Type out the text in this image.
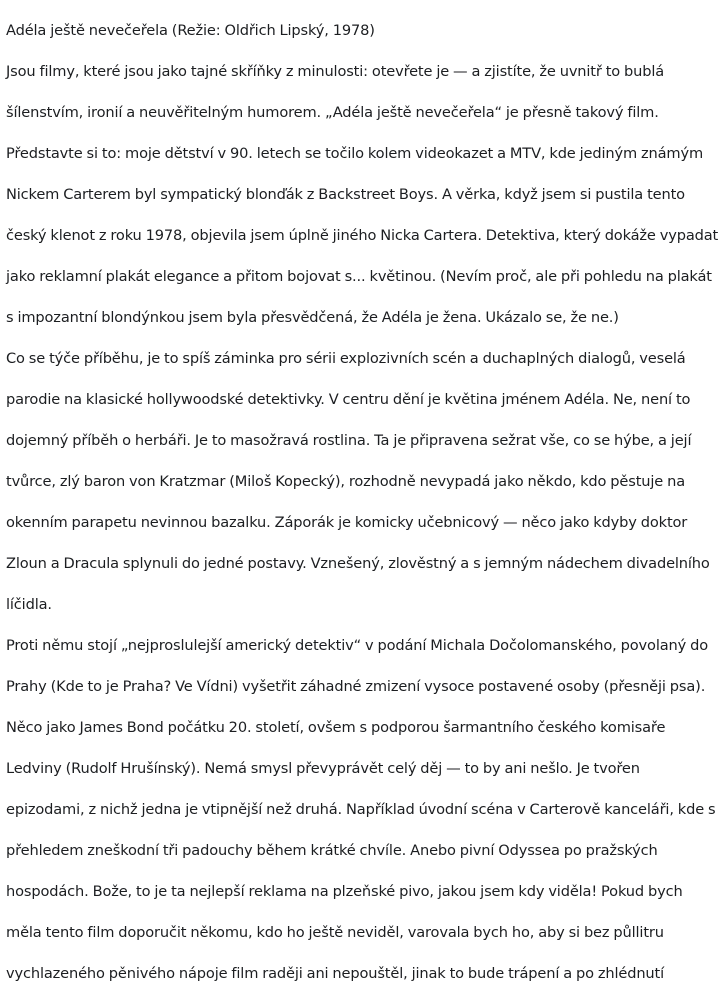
Adéla ještě nevečeřela (Režie: Oldřich Lipský, 1978)

Jsou filmy, které jsou jako tajné skříňky z minulosti: otevřete je — a zjistíte, že uvnitř to bublá

šílenstvím, ironií a neuvěřitelným humorem. „Adéla ještě nevečeřela“ je přesně takový film.

Představte si to: moje dětství v 90. letech se točilo kolem videokazet a MTV, kde jediným známým

Nickem Carterem byl sympatický blonďák z Backstreet Boys. A věrka, když jsem si pustila tento

český klenot z roku 1978, objevila jsem úplně jiného Nicka Cartera. Detektiva, který dokáže vypadat

jako reklamní plakát elegance a přitom bojovat s... květinou. (Nevím proč, ale při pohledu na plakát

s impozantní blondýnkou jsem byla přesvědčená, že Adéla je žena. Ukázalo se, že ne.)

Co se týče příběhu, je to spíš záminka pro sérii explozivních scén a duchaplných dialogů, veselá

parodie na klasické hollywoodské detektivky. V centru dění je květina jménem Adéla. Ne, není to

dojemný příběh o herbáři. Je to masožravá rostlina. Ta je připravena sežrat vše, co se hýbe, a její

tvůrce, zlý baron von Kratzmar (Miloš Kopecký), rozhodně nevypadá jako někdo, kdo pěstuje na

okenním parapetu nevinnou bazalku. Záporák je komicky učebnicový — něco jako kdyby doktor

Zloun a Dracula splynuli do jedné postavy. Vznešený, zlověstný a s jemným nádechem divadelního

líčidla.

Proti němu stojí „nejproslulejší americký detektiv“ v podání Michala Dočolomanského, povolaný do

Prahy (Kde to je Praha? Ve Vídni) vyšetřit záhadné zmizení vysoce postavené osoby (přesněji psa).

Něco jako James Bond počátku 20. století, ovšem s podporou šarmantního českého komisaře

Ledviny (Rudolf Hrušínský). Nemá smysl převyprávět celý děj — to by ani nešlo. Je tvořen

epizodami, z nichž jedna je vtipnější než druhá. Například úvodní scéna v Carterově kanceláři, kde s

přehledem zneškodní tři padouchy během krátké chvíle. Anebo pivní Odyssea po pražských

hospodách. Bože, to je ta nejlepší reklama na plzeňské pivo, jakou jsem kdy viděla! Pokud bych

měla tento film doporučit někomu, kdo ho ještě neviděl, varovala bych ho, aby si bez půllitru

vychlazeného pěnivého nápoje film raději ani nepouštěl, jinak to bude trápení a po zhlédnutí
